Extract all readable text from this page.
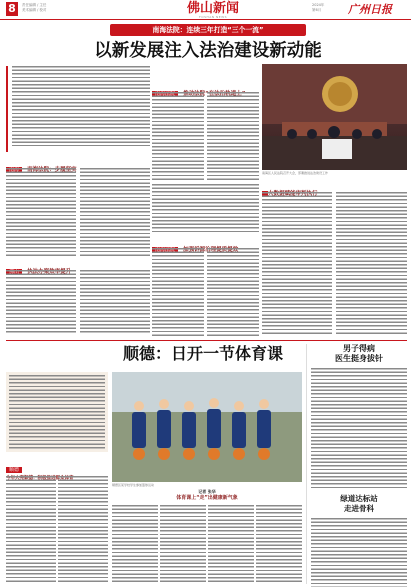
8	责任编辑 / 主任
美术编辑 / 校对	佛山新闻
FOSHAN NEWS
2024年
第6月	广州日报
南海法院：连续三年打造“三个一流”
以新发展注入法治建设新动能
南海区人民法院召开大会，部署推进法治建设工作
南海法院 推动法院“在法治轨道上”
南海 南海法院：步履坚实
佛山 执法办案效率提升
南海法院 加强诉源治理提质提效
大数据赋能审判执行
顺德：日开一节体育课
顺德区某学校学生参加篮球运动
记者 张华
体育课上“走”出健康新气象
顺德
今年大亮顺德：积极推进群众体育
男子得病
医生挺身拔针
绿道达标站
走进骨科
